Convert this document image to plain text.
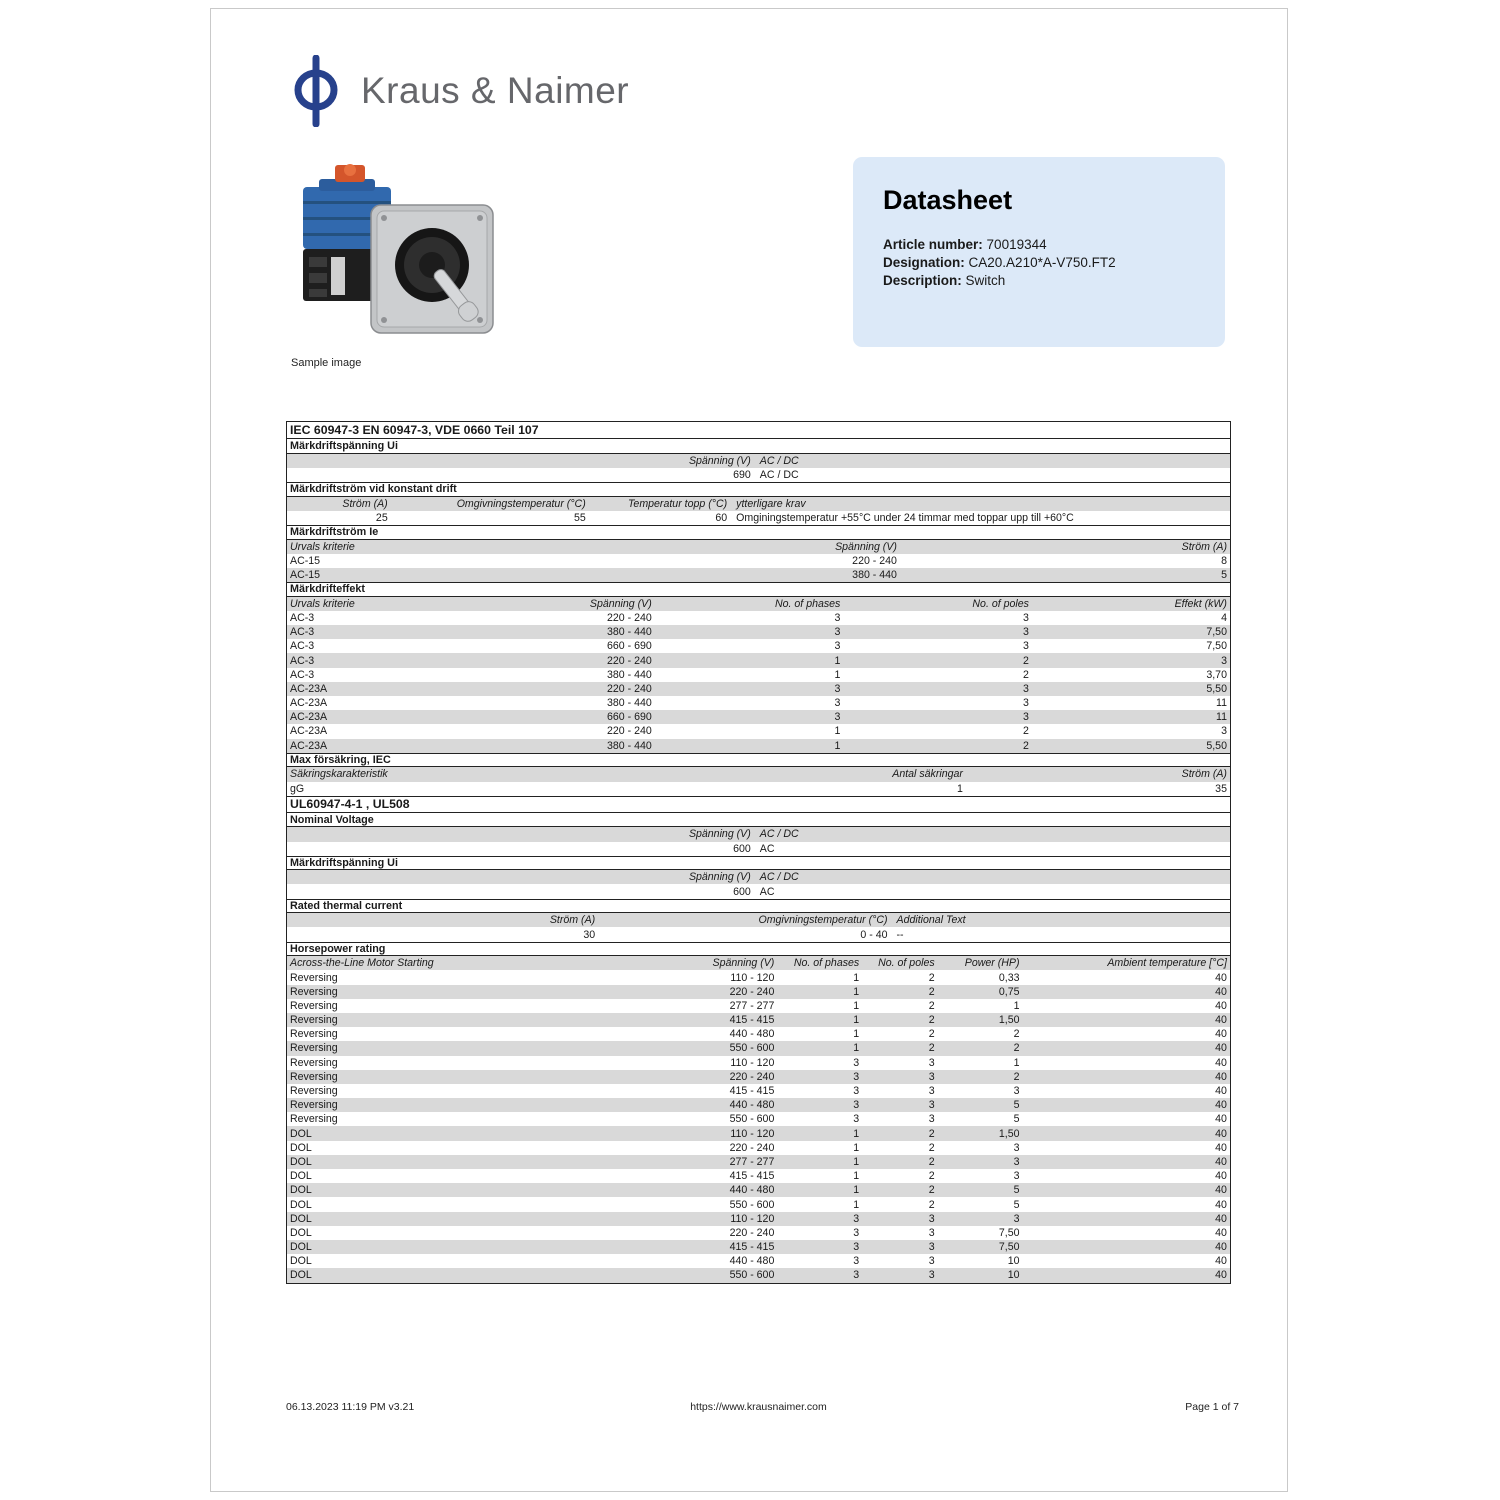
Kraus & Naimer
Sample image
Datasheet

Article number: 70019344

Designation: CA20.A210*A-V750.FT2

Description: Switch

IEC 60947-3 EN 60947-3, VDE 0660 Teil 107
Märkdriftspänning Ui
Spänning (V) AC / DC
690 AC / DC
Märkdriftström vid konstant drift
Ström (A)	Omgivningstemperatur (°C)	Temperatur topp (°C) ytterligare krav
25	55	60 Omginingstemperatur +55°C under 24 timmar med toppar upp till +60°C
Märkdriftström Ie
Urvals kriterie	Spänning (V)	Ström (A)
AC-15	220 - 240	8
AC-15	380 - 440	5
Märkdrifteffekt
Urvals kriterie	Spänning (V)	No. of phases	No. of poles	Effekt (kW)
AC-3	220 - 240	3	3	4
AC-3	380 - 440	3	3	7,50
AC-3	660 - 690	3	3	7,50
AC-3	220 - 240	1	2	3
AC-3	380 - 440	1	2	3,70
AC-23A	220 - 240	3	3	5,50
AC-23A	380 - 440	3	3	11
AC-23A	660 - 690	3	3	11
AC-23A	220 - 240	1	2	3
AC-23A	380 - 440	1	2	5,50
Max försäkring, IEC
Säkringskarakteristik	Antal säkringar	Ström (A)
gG	1	35
UL60947-4-1 , UL508
Nominal Voltage
Spänning (V) AC / DC
600 AC
Märkdriftspänning Ui
Spänning (V) AC / DC
600 AC
Rated thermal current
Ström (A)	Omgivningstemperatur (°C) Additional Text
30	0 - 40 --
Horsepower rating
Across-the-Line Motor Starting	Spänning (V)	No. of phases	No. of poles	Power (HP)	Ambient temperature [°C]
Reversing	110 - 120	1	2	0,33	40
Reversing	220 - 240	1	2	0,75	40
Reversing	277 - 277	1	2	1	40
Reversing	415 - 415	1	2	1,50	40
Reversing	440 - 480	1	2	2	40
Reversing	550 - 600	1	2	2	40
Reversing	110 - 120	3	3	1	40
Reversing	220 - 240	3	3	2	40
Reversing	415 - 415	3	3	3	40
Reversing	440 - 480	3	3	5	40
Reversing	550 - 600	3	3	5	40
DOL	110 - 120	1	2	1,50	40
DOL	220 - 240	1	2	3	40
DOL	277 - 277	1	2	3	40
DOL	415 - 415	1	2	3	40
DOL	440 - 480	1	2	5	40
DOL	550 - 600	1	2	5	40
DOL	110 - 120	3	3	3	40
DOL	220 - 240	3	3	7,50	40
DOL	415 - 415	3	3	7,50	40
DOL	440 - 480	3	3	10	40
DOL	550 - 600	3	3	10	40
https://www.krausnaimer.com
06.13.2023 11:19 PM v3.21	Page 1 of 7
